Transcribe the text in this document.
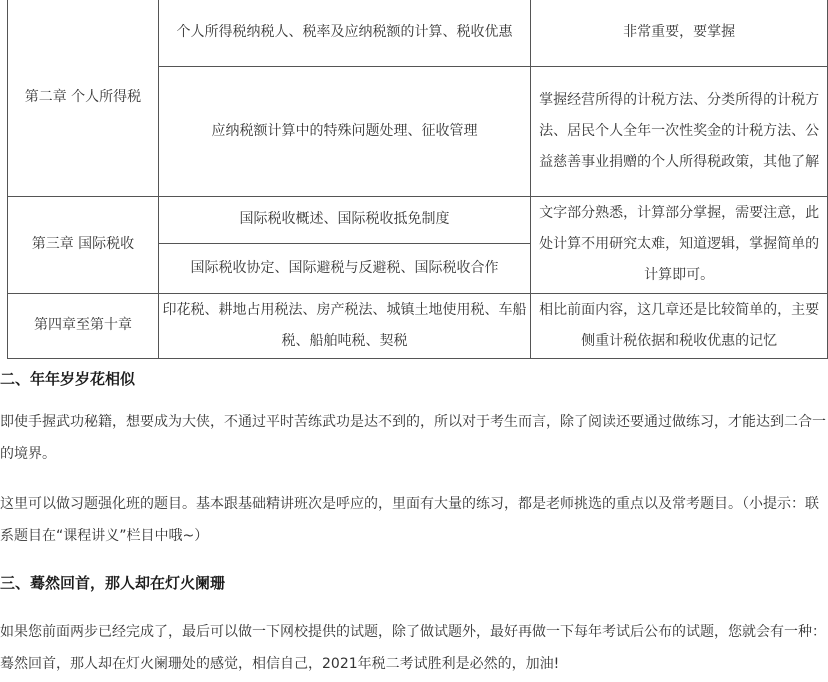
第二章 个人所得税	个人所得税纳税人、税率及应纳税额的计算、税收优惠	非常重要，要掌握
	应纳税额计算中的特殊问题处理、征收管理	掌握经营所得的计税方法、分类所得的计税方法、居民个人全年一次性奖金的计税方法、公益慈善事业捐赠的个人所得税政策，其他了解
第三章 国际税收	国际税收概述、国际税收抵免制度	文字部分熟悉，计算部分掌握，需要注意，此处计算不用研究太难，知道逻辑，掌握简单的计算即可。
	国际税收协定、国际避税与反避税、国际税收合作	
第四章至第十章	印花税、耕地占用税法、房产税法、城镇土地使用税、车船税、船舶吨税、契税	相比前面内容，这几章还是比较简单的，主要侧重计税依据和税收优惠的记忆
二、年年岁岁花相似

即使手握武功秘籍，想要成为大侠，不通过平时苦练武功是达不到的，所以对于考生而言，除了阅读还要通过做练习，才能达到二合一的境界。

这里可以做习题强化班的题目。基本跟基础精讲班次是呼应的，里面有大量的练习，都是老师挑选的重点以及常考题目。（小提示：联系题目在“课程讲义”栏目中哦~）

三、蓦然回首，那人却在灯火阑珊

如果您前面两步已经完成了，最后可以做一下网校提供的试题，除了做试题外，最好再做一下每年考试后公布的试题，您就会有一种：蓦然回首，那人却在灯火阑珊处的感觉，相信自己，2021年税二考试胜利是必然的，加油!
